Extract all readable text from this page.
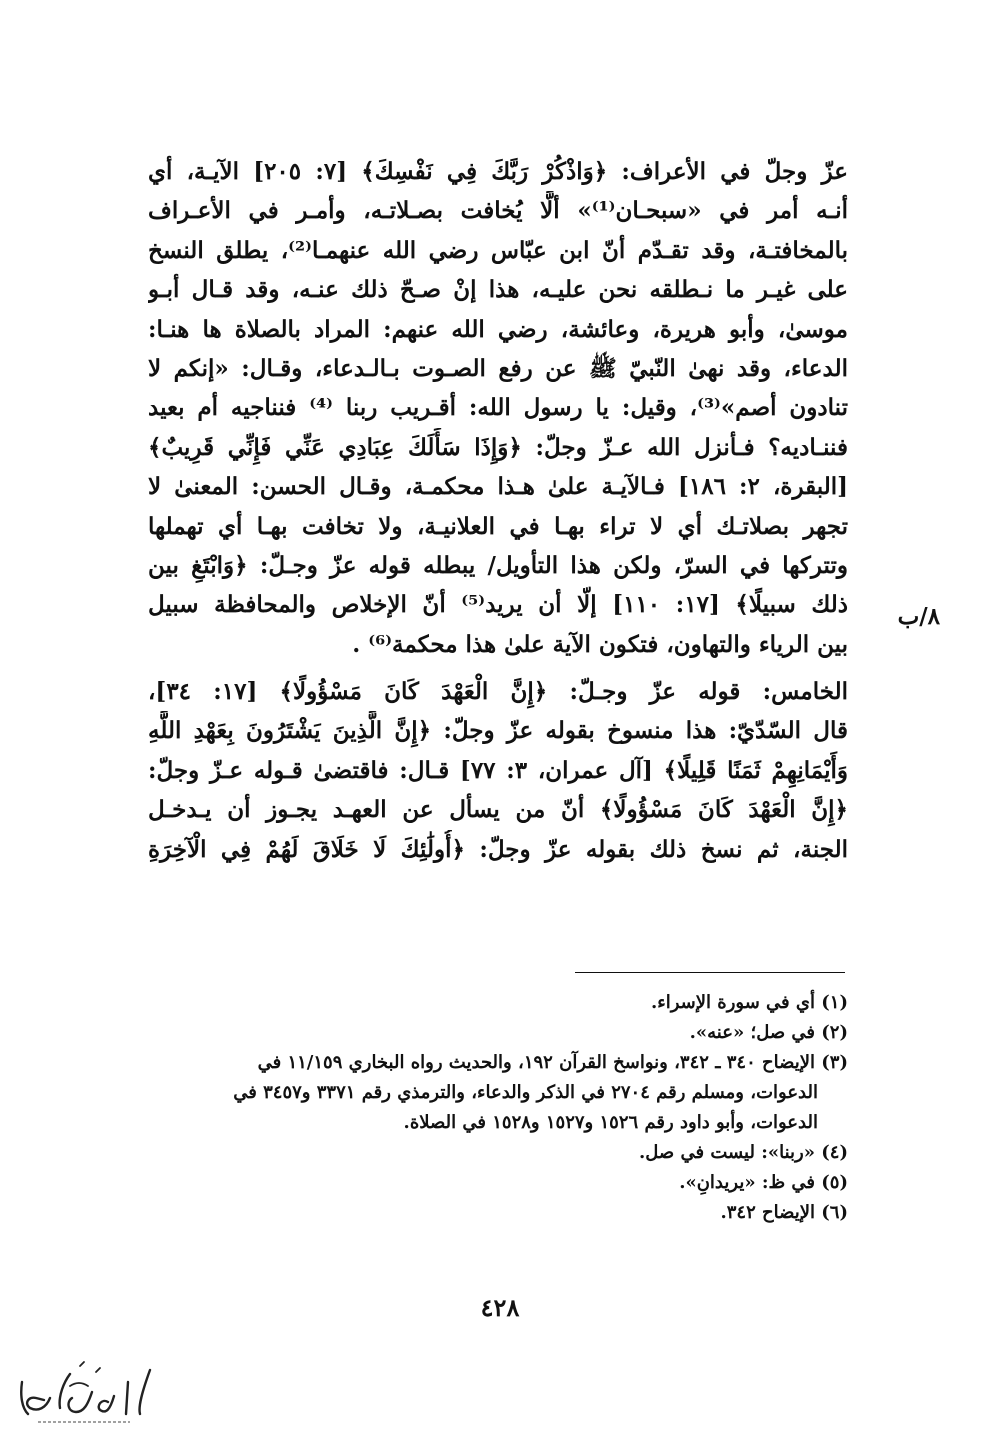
عزّ وجلّ في الأعراف: ﴿وَاذْكُرْ رَبَّكَ فِي نَفْسِكَ﴾ [٧: ٢٠٥] الآيـة، أي
أنـه أمر في «سبحـان⁽¹⁾» ألَّا يُخافت بصـلاتـه، وأمـر في الأعـراف
بالمخافتـة، وقد تقـدّم أنّ ابن عبّاس رضي الله عنهمـا⁽²⁾، يطلق النسخ
على غيـر ما نـطلقه نحن عليـه، هذا إنْ صـحّ ذلك عنـه، وقد قـال أبـو
موسىٰ، وأبو هريرة، وعائشة، رضي الله عنهم: المراد بالصلاة ها هنـا:
الدعاء، وقد نهىٰ النّبيّ ﷺ عن رفع الصـوت بـالـدعاء، وقـال: «إنكم لا
تنادون أصم»⁽³⁾، وقيل: يا رسول الله: أقـريب ربنا ⁽⁴⁾ فنناجيه أم بعيد
فننـاديه؟ فـأنزل الله عـزّ وجلّ: ﴿وَإِذَا سَأَلَكَ عِبَادِي عَنِّي فَإِنِّي قَرِيبٌ﴾
[البقرة، ٢: ١٨٦] فـالآيـة علىٰ هـذا محكمـة، وقـال الحسن: المعنىٰ لا
تجهر بصلاتـك أي لا تراء بهـا في العلانيـة، ولا تخافت بهـا أي تهملها
وتتركها في السرّ، ولكن هذا التأويل/ يبطله قوله عزّ وجـلّ: ﴿وَابْتَغِ بين
ذلك سبيلًا﴾ [١٧: ١١٠] إلّا أن يريد⁽⁵⁾ أنّ الإخلاص والمحافظة سبيل
بين الرياء والتهاون، فتكون الآية علىٰ هذا محكمة⁽⁶⁾ .
الخامس: قوله عزّ وجـلّ: ﴿إِنَّ الْعَهْدَ كَانَ مَسْؤُولًا﴾ [١٧: ٣٤]،
قال السّدّيّ: هذا منسوخ بقوله عزّ وجلّ: ﴿إِنَّ الَّذِينَ يَشْتَرُونَ بِعَهْدِ اللَّهِ
وَأَيْمَانِهِمْ ثَمَنًا قَلِيلًا﴾ [آل عمران، ٣: ٧٧] قـال: فاقتضىٰ قـوله عـزّ وجلّ:
﴿إِنَّ الْعَهْدَ كَانَ مَسْؤُولًا﴾ أنّ من يسأل عن العهـد يجـوز أن يـدخـل
الجنة، ثم نسخ ذلك بقوله عزّ وجلّ: ﴿أُولَٰئِكَ لَا خَلَاقَ لَهُمْ فِي الْآخِرَةِ
٨/ب
(١) أي في سورة الإسراء.
(٢) في صل؛ «عنه».
(٣) الإيضاح ٣٤٠ ـ ٣٤٢، ونواسخ القرآن ١٩٢، والحديث رواه البخاري ١١/١٥٩ في
الدعوات، ومسلم رقم ٢٧٠٤ في الذكر والدعاء، والترمذي رقم ٣٣٧١ و٣٤٥٧ في
الدعوات، وأبو داود رقم ١٥٢٦ و١٥٢٧ و١٥٢٨ في الصلاة.
(٤) «ربنا»: ليست في صل.
(٥) في ظ: «يريدانِ».
(٦) الإيضاح ٣٤٢.
٤٢٨
